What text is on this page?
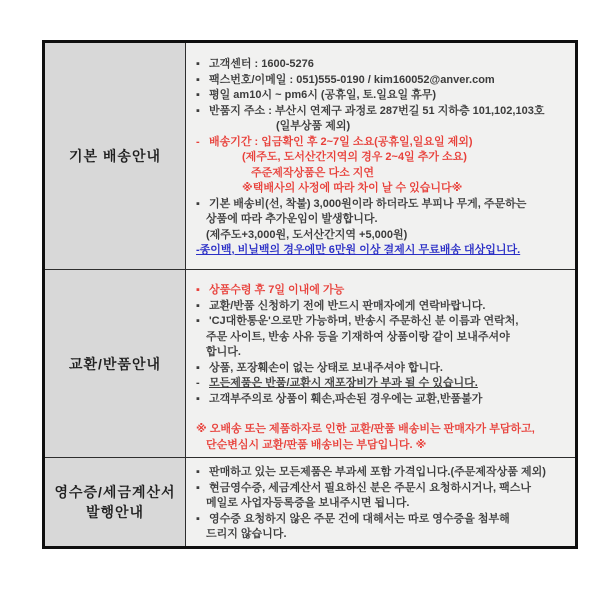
기본 배송안내
▪ 고객센터 : 1600-5276
▪ 팩스번호/이메일 : 051)555-0190 / kim160052@anver.com
▪ 평일 am10시 ~ pm6시 (공휴일, 토.일요일 휴무)
▪ 반품지 주소 : 부산시 연제구 과정로 287번길 51 지하층 101,102,103호
(일부상품 제외)
- 배송기간 : 입금확인 후 2~7일 소요(공휴일,일요일 제외)
(제주도, 도서산간지역의 경우 2~4일 추가 소요)
주준제작상품은 다소 지연
※택배사의 사정에 따라 차이 날 수 있습니다※
▪ 기본 배송비(선, 착불) 3,000원이라 하더라도 부피나 무게, 주문하는
상품에 따라 추가운임이 발생합니다.
(제주도+3,000원, 도서산간지역 +5,000원)
-종이백, 비닐백의 경우에만 6만원 이상 결제시 무료배송 대상입니다.
교환/반품안내
▪ 상품수령 후 7일 이내에 가능
▪ 교환/반품 신청하기 전에 반드시 판매자에게 연락바랍니다.
▪ 'CJ대한통운'으로만 가능하며, 반송시 주문하신 분 이름과 연락처,
주문 사이트, 반송 사유 등을 기재하여 상품이랑 같이 보내주셔야
합니다.
▪ 상품, 포장훼손이 없는 상태로 보내주셔야 합니다.
- 모든제품은 반품/교환시 재포장비가 부과 될 수 있습니다.
▪ 고객부주의로 상품이 훼손,파손된 경우에는 교환,반품불가
※ 오배송 또는 제품하자로 인한 교환/판품 배송비는 판매자가 부담하고,
단순변심시 교환/판품 배송비는 부담입니다. ※
영수증/세금계산서
발행안내
▪ 판매하고 있는 모든제품은 부과세 포함 가격입니다.(주문제작상품 제외)
▪ 현금영수증, 세금계산서 필요하신 분은 주문시 요청하시거나, 팩스나
메일로 사업자등록증을 보내주시면 됩니다.
▪ 영수증 요청하지 않은 주문 건에 대해서는 따로 영수증을 첨부해
드리지 않습니다.
